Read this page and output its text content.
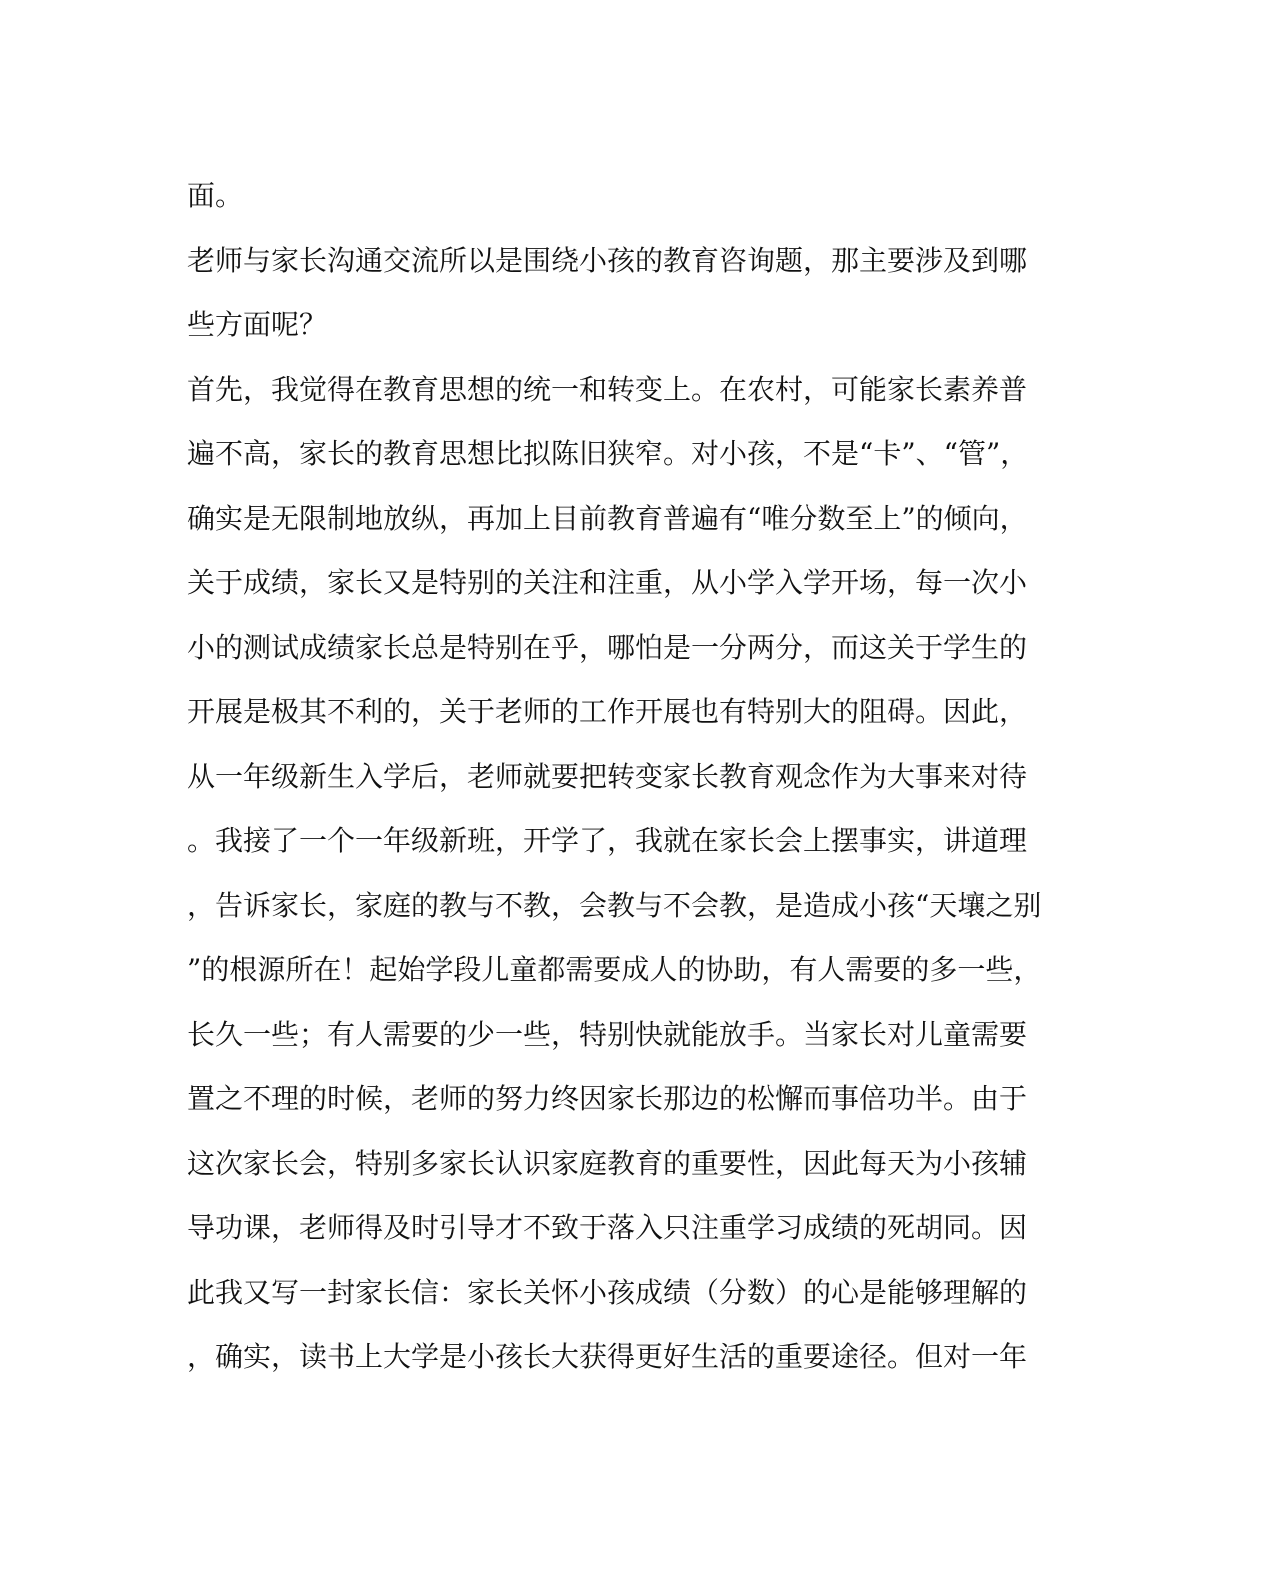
面。
老师与家长沟通交流所以是围绕小孩的教育咨询题，那主要涉及到哪
些方面呢？
首先，我觉得在教育思想的统一和转变上。在农村，可能家长素养普
遍不高，家长的教育思想比拟陈旧狭窄。对小孩，不是“卡”、“管”，
确实是无限制地放纵，再加上目前教育普遍有“唯分数至上”的倾向，
关于成绩，家长又是特别的关注和注重，从小学入学开场，每一次小
小的测试成绩家长总是特别在乎，哪怕是一分两分，而这关于学生的
开展是极其不利的，关于老师的工作开展也有特别大的阻碍。因此，
从一年级新生入学后，老师就要把转变家长教育观念作为大事来对待
。我接了一个一年级新班，开学了，我就在家长会上摆事实，讲道理
，告诉家长，家庭的教与不教，会教与不会教，是造成小孩“天壤之别
”的根源所在！起始学段儿童都需要成人的协助，有人需要的多一些，
长久一些；有人需要的少一些，特别快就能放手。当家长对儿童需要
置之不理的时候，老师的努力终因家长那边的松懈而事倍功半。由于
这次家长会，特别多家长认识家庭教育的重要性，因此每天为小孩辅
导功课，老师得及时引导才不致于落入只注重学习成绩的死胡同。因
此我又写一封家长信：家长关怀小孩成绩（分数）的心是能够理解的
，确实，读书上大学是小孩长大获得更好生活的重要途径。但对一年
